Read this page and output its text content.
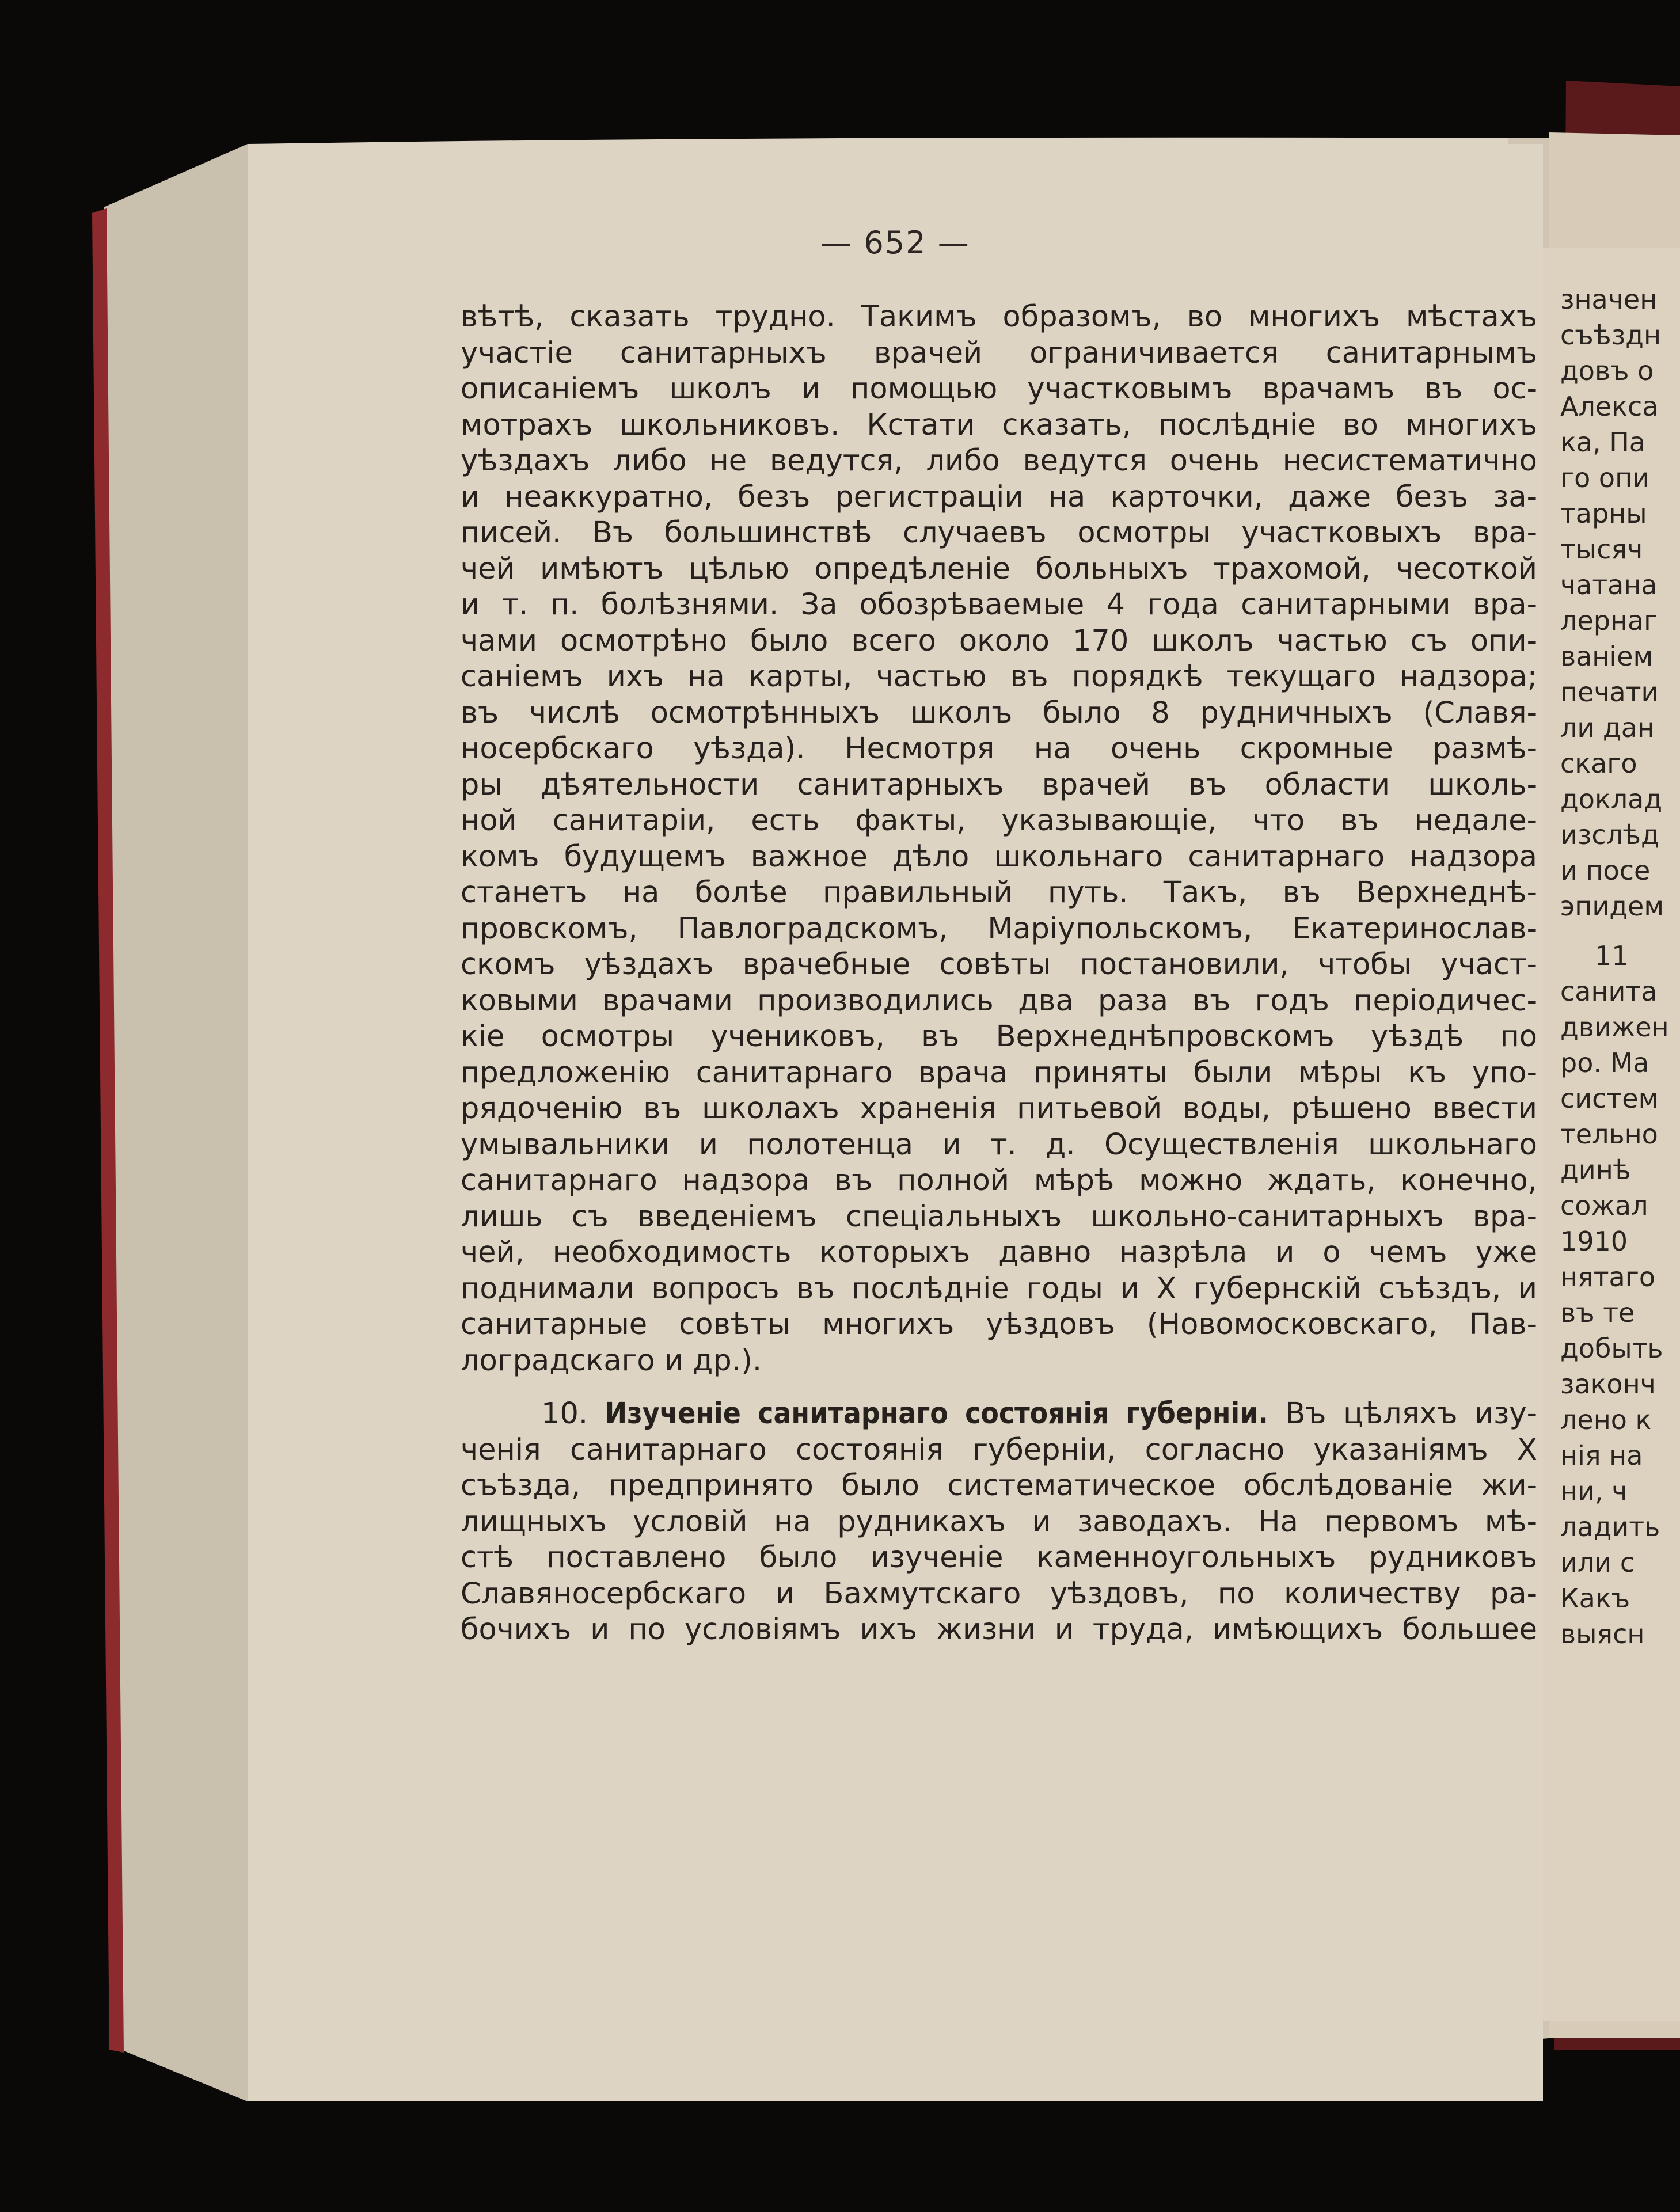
значен
съѣздн
довъ о
Алекса
ка, Па
го опи
тарны
тысяч
чатана
лернаг
ваніем
печати
ли дан
скаго
доклад
изслѣд
и посе
эпидем
11
санита
движен
ро. Ма
систем
тельно
динѣ
сожал
1910
нятаго
въ те
добыть
законч
лено к
нія на
ни, ч
ладить
или с
Какъ
выясн
— 652 —
вѣтѣ, сказать трудно. Такимъ образомъ, во многихъ мѣстахъ
участіе санитарныхъ врачей ограничивается санитарнымъ
описаніемъ школъ и помощью участковымъ врачамъ въ ос-
мотрахъ школьниковъ. Кстати сказать, послѣдніе во многихъ
уѣздахъ либо не ведутся, либо ведутся очень несистематично
и неаккуратно, безъ регистраціи на карточки, даже безъ за-
писей. Въ большинствѣ случаевъ осмотры участковыхъ вра-
чей имѣютъ цѣлью опредѣленіе больныхъ трахомой, чесоткой
и т. п. болѣзнями. За обозрѣваемые 4 года санитарными вра-
чами осмотрѣно было всего около 170 школъ частью съ опи-
саніемъ ихъ на карты, частью въ порядкѣ текущаго надзора;
въ числѣ осмотрѣнныхъ школъ было 8 рудничныхъ (Славя-
носербскаго уѣзда). Несмотря на очень скромные размѣ-
ры дѣятельности санитарныхъ врачей въ области школь-
ной санитаріи, есть факты, указывающіе, что въ недале-
комъ будущемъ важное дѣло школьнаго санитарнаго надзора
станетъ на болѣе правильный путь. Такъ, въ Верхнеднѣ-
провскомъ, Павлоградскомъ, Маріупольскомъ, Екатеринослав-
скомъ уѣздахъ врачебные совѣты постановили, чтобы участ-
ковыми врачами производились два раза въ годъ періодичес-
кіе осмотры учениковъ, въ Верхнеднѣпровскомъ уѣздѣ по
предложенію санитарнаго врача приняты были мѣры къ упо-
рядоченію въ школахъ храненія питьевой воды, рѣшено ввести
умывальники и полотенца и т. д. Осуществленія школьнаго
санитарнаго надзора въ полной мѣрѣ можно ждать, конечно,
лишь съ введеніемъ спеціальныхъ школьно-санитарныхъ вра-
чей, необходимость которыхъ давно назрѣла и о чемъ уже
поднимали вопросъ въ послѣдніе годы и X губернскій съѣздъ, и
санитарные совѣты многихъ уѣздовъ (Новомосковскаго, Пав-
лоградскаго и др.).
10. Изученіе санитарнаго состоянія губерніи. Въ цѣляхъ изу-
ченія санитарнаго состоянія губерніи, согласно указаніямъ X
съѣзда, предпринято было систематическое обслѣдованіе жи-
лищныхъ условій на рудникахъ и заводахъ. На первомъ мѣ-
стѣ поставлено было изученіе каменноугольныхъ рудниковъ
Славяносербскаго и Бахмутскаго уѣздовъ, по количеству ра-
бочихъ и по условіямъ ихъ жизни и труда, имѣющихъ большее
